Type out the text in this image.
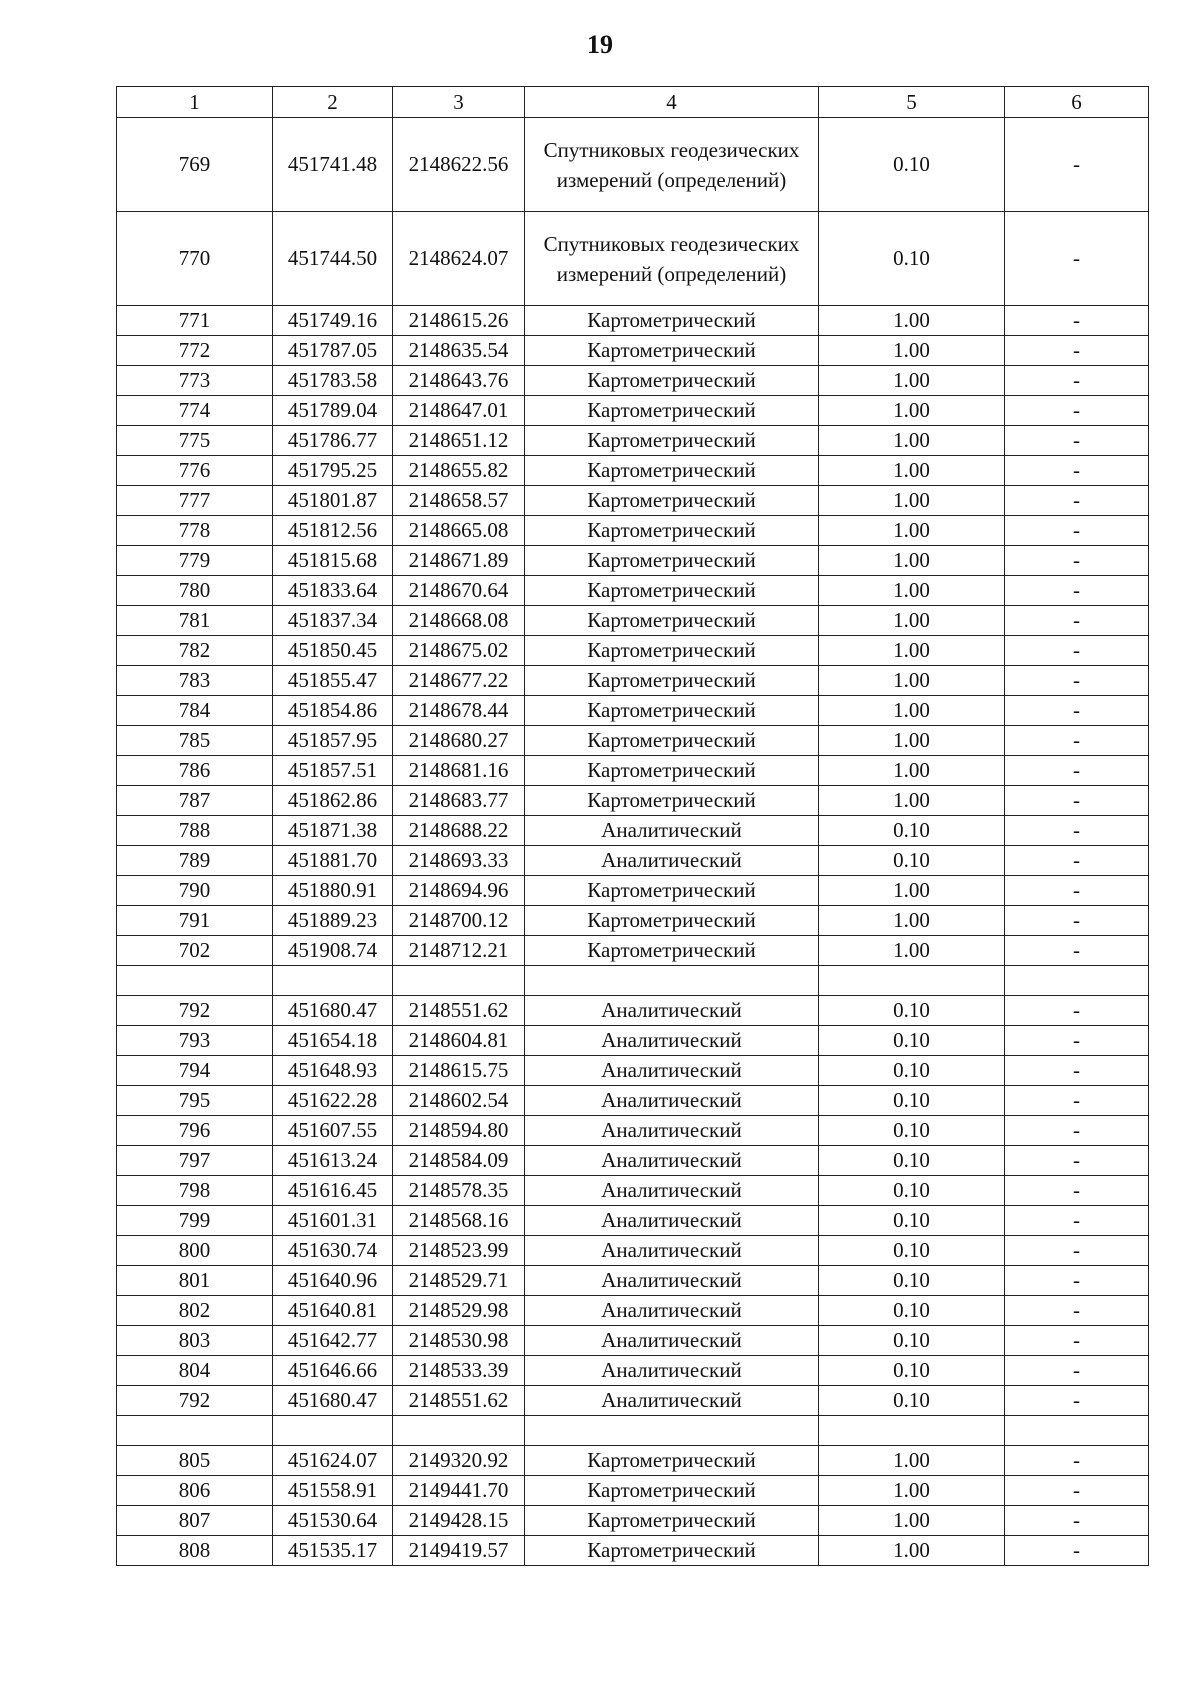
19
1	2	3	4	5	6
769	451741.48	2148622.56	Спутниковых геодезических измерений (определений)	0.10	-
770	451744.50	2148624.07	Спутниковых геодезических измерений (определений)	0.10	-
771	451749.16	2148615.26	Картометрический	1.00	-
772	451787.05	2148635.54	Картометрический	1.00	-
773	451783.58	2148643.76	Картометрический	1.00	-
774	451789.04	2148647.01	Картометрический	1.00	-
775	451786.77	2148651.12	Картометрический	1.00	-
776	451795.25	2148655.82	Картометрический	1.00	-
777	451801.87	2148658.57	Картометрический	1.00	-
778	451812.56	2148665.08	Картометрический	1.00	-
779	451815.68	2148671.89	Картометрический	1.00	-
780	451833.64	2148670.64	Картометрический	1.00	-
781	451837.34	2148668.08	Картометрический	1.00	-
782	451850.45	2148675.02	Картометрический	1.00	-
783	451855.47	2148677.22	Картометрический	1.00	-
784	451854.86	2148678.44	Картометрический	1.00	-
785	451857.95	2148680.27	Картометрический	1.00	-
786	451857.51	2148681.16	Картометрический	1.00	-
787	451862.86	2148683.77	Картометрический	1.00	-
788	451871.38	2148688.22	Аналитический	0.10	-
789	451881.70	2148693.33	Аналитический	0.10	-
790	451880.91	2148694.96	Картометрический	1.00	-
791	451889.23	2148700.12	Картометрический	1.00	-
702	451908.74	2148712.21	Картометрический	1.00	-

792	451680.47	2148551.62	Аналитический	0.10	-
793	451654.18	2148604.81	Аналитический	0.10	-
794	451648.93	2148615.75	Аналитический	0.10	-
795	451622.28	2148602.54	Аналитический	0.10	-
796	451607.55	2148594.80	Аналитический	0.10	-
797	451613.24	2148584.09	Аналитический	0.10	-
798	451616.45	2148578.35	Аналитический	0.10	-
799	451601.31	2148568.16	Аналитический	0.10	-
800	451630.74	2148523.99	Аналитический	0.10	-
801	451640.96	2148529.71	Аналитический	0.10	-
802	451640.81	2148529.98	Аналитический	0.10	-
803	451642.77	2148530.98	Аналитический	0.10	-
804	451646.66	2148533.39	Аналитический	0.10	-
792	451680.47	2148551.62	Аналитический	0.10	-

805	451624.07	2149320.92	Картометрический	1.00	-
806	451558.91	2149441.70	Картометрический	1.00	-
807	451530.64	2149428.15	Картометрический	1.00	-
808	451535.17	2149419.57	Картометрический	1.00	-
